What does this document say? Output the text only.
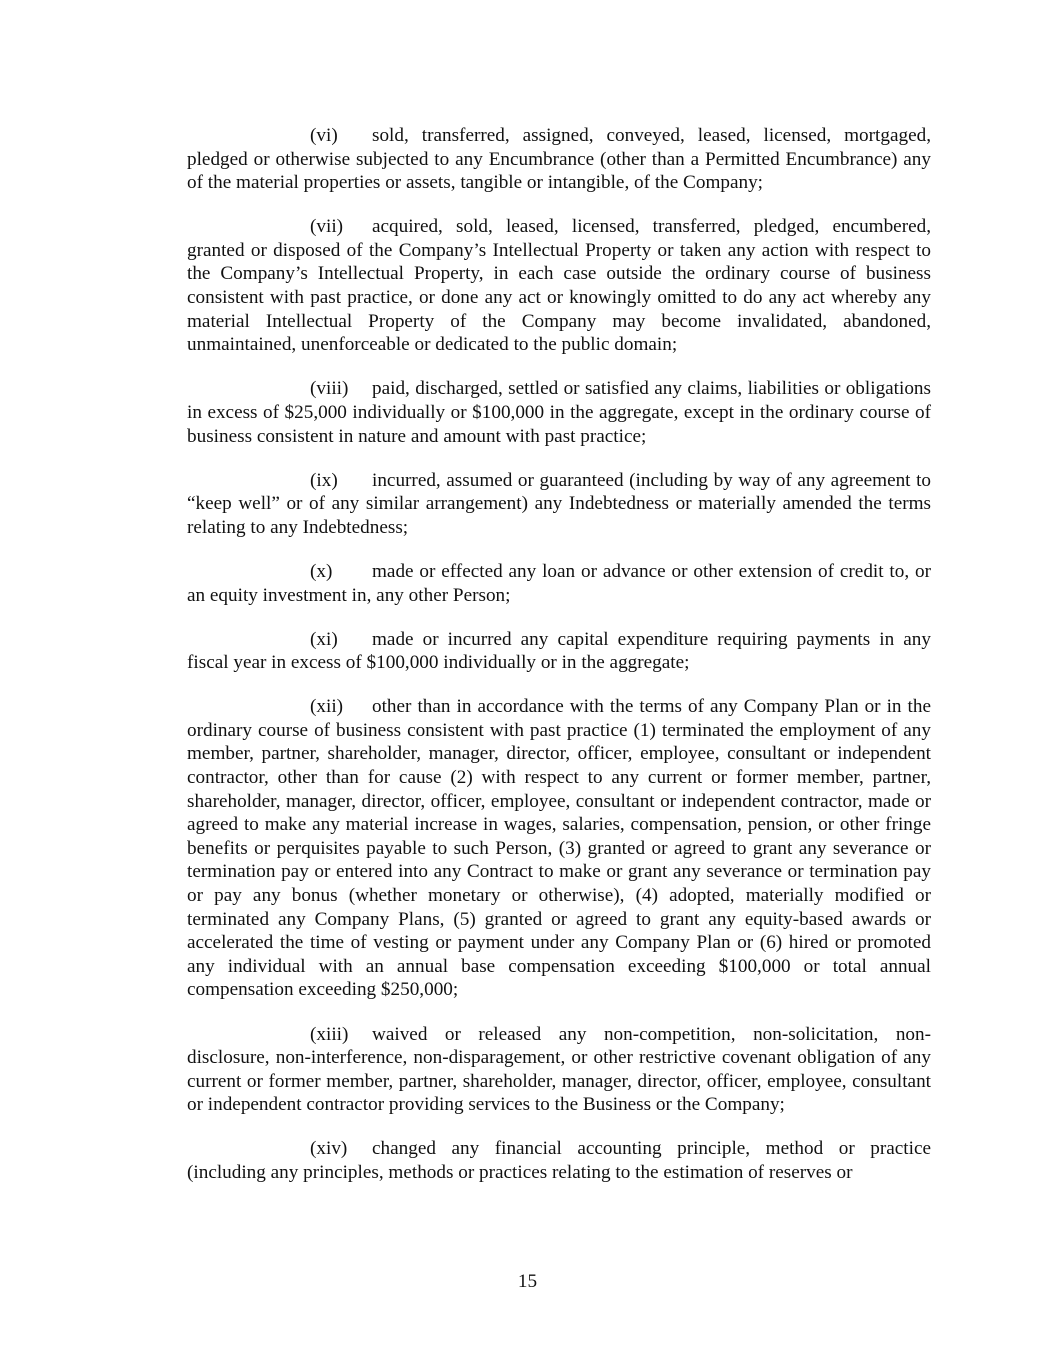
(vi) sold, transferred, assigned, conveyed, leased, licensed, mortgaged, pledged or otherwise subjected to any Encumbrance (other than a Permitted Encumbrance) any of the material properties or assets, tangible or intangible, of the Company;

(vii) acquired, sold, leased, licensed, transferred, pledged, encumbered, granted or disposed of the Company’s Intellectual Property or taken any action with respect to the Company’s Intellectual Property, in each case outside the ordinary course of business consistent with past practice, or done any act or knowingly omitted to do any act whereby any material Intellectual Property of the Company may become invalidated, abandoned, unmaintained, unenforceable or dedicated to the public domain;

(viii) paid, discharged, settled or satisfied any claims, liabilities or obligations in excess of $25,000 individually or $100,000 in the aggregate, except in the ordinary course of business consistent in nature and amount with past practice;

(ix) incurred, assumed or guaranteed (including by way of any agreement to “keep well” or of any similar arrangement) any Indebtedness or materially amended the terms relating to any Indebtedness;

(x) made or effected any loan or advance or other extension of credit to, or an equity investment in, any other Person;

(xi) made or incurred any capital expenditure requiring payments in any fiscal year in excess of $100,000 individually or in the aggregate;

(xii) other than in accordance with the terms of any Company Plan or in the ordinary course of business consistent with past practice (1) terminated the employment of any member, partner, shareholder, manager, director, officer, employee, consultant or independent contractor, other than for cause (2) with respect to any current or former member, partner, shareholder, manager, director, officer, employee, consultant or independent contractor, made or agreed to make any material increase in wages, salaries, compensation, pension, or other fringe benefits or perquisites payable to such Person, (3) granted or agreed to grant any severance or termination pay or entered into any Contract to make or grant any severance or termination pay or pay any bonus (whether monetary or otherwise), (4) adopted, materially modified or terminated any Company Plans, (5) granted or agreed to grant any equity-based awards or accelerated the time of vesting or payment under any Company Plan or (6) hired or promoted any individual with an annual base compensation exceeding $100,000 or total annual compensation exceeding $250,000;

(xiii) waived or released any non-competition, non-solicitation, non-disclosure, non-interference, non-disparagement, or other restrictive covenant obligation of any current or former member, partner, shareholder, manager, director, officer, employee, consultant or independent contractor providing services to the Business or the Company;

(xiv) changed any financial accounting principle, method or practice (including any principles, methods or practices relating to the estimation of reserves or

15
